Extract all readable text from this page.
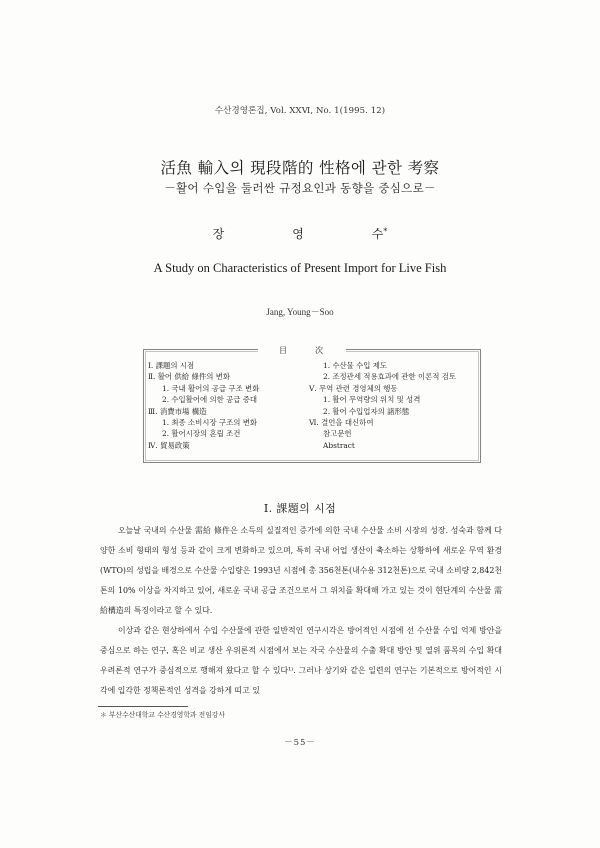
수산경영론집, Vol. ⅩⅩⅥ, No. 1(1995. 12)
活魚 輸入의 現段階的 性格에 관한 考察
－활어 수입을 둘러싼 규정요인과 동향을 중심으로－
장	영	수*
A Study on Characteristics of Present Import for Live Fish
Jang, Young－Soo
目	次
Ⅰ. 課題의 시점
Ⅱ. 활어 供給 條件의 변화
1. 국내 활어의 공급 구조 변화
2. 수입활어에 의한 공급 증대
Ⅲ. 消費市場 構造
1. 최종 소비시장 구조의 변화
2. 활어시장의 혼립 조건
Ⅳ. 貿易政策
1. 수산물 수입 제도
2. 조정관세 적용효과에 관한 이론적 검토
Ⅴ. 무역 관련 경영체의 행동
1. 활어 무역량의 위치 및 성격
2. 활어 수입업자의 諸形態
Ⅵ. 결언을 대신하여
참고문헌
Abstract
Ⅰ. 課題의 시점

오늘날 국내의 수산물 需給 條件은 소득의 실질적인 증가에 의한 국내 수산물 소비 시장의 성장. 성숙과 함께 다양한 소비 형태의 형성 등과 같이 크게 변화하고 있으며, 특히 국내 어업 생산이 축소하는 상황하에 새로운 무역 환경(WTO)의 성립을 배경으로 수산물 수입량은 1993년 시점에 총 356천톤(내수용 312천톤)으로 국내 소비량 2,842천톤의 10% 이상을 차지하고 있어, 새로운 국내 공급 조건으로서 그 위치를 확대해 가고 있는 것이 현단계의 수산물 需給構造의 특징이라고 할 수 있다.

이상과 같은 현상하에서 수입 수산물에 관한 일반적인 연구시각은 방어적인 시점에 선 수산물 수입 억제 방안을 중심으로 하는 연구, 혹은 비교 생산 우위론적 시점에서 보는 자국 수산물의 수출 확대 방안 및 열위 품목의 수입 확대 우려론적 연구가 중심적으로 행해져 왔다고 할 수 있다¹⁾. 그러나 상기와 같은 일련의 연구는 기본적으로 방어적인 시각에 입각한 정책론적인 성격을 강하게 띠고 있

＊ 부산수산대학교 수산경영학과 전임강사
－55－
